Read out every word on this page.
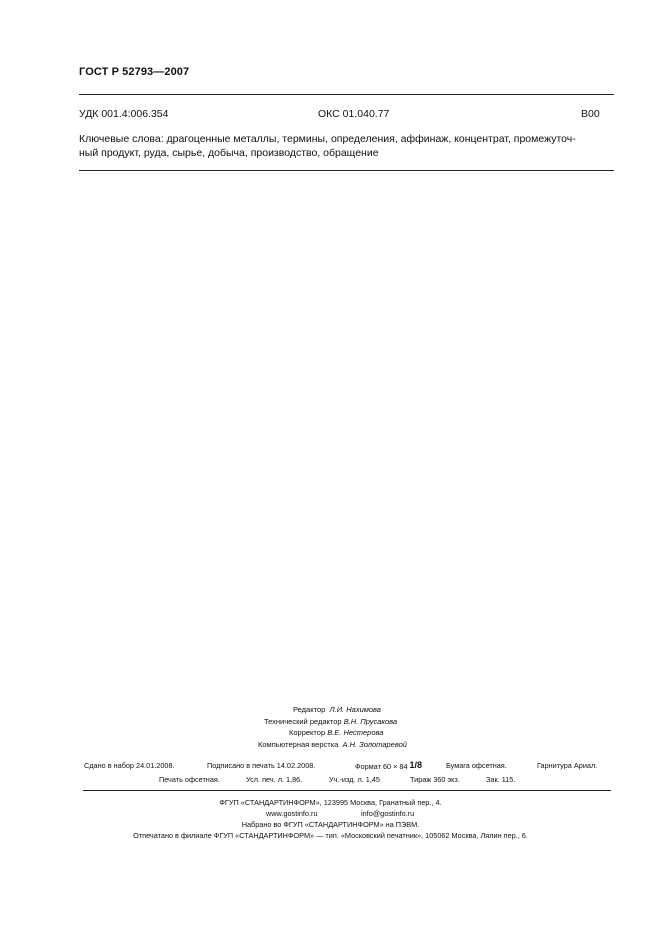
ГОСТ Р 52793—2007
УДК 001.4:006.354	ОКС 01.040.77	В00
Ключевые слова: драгоценные металлы, термины, определения, аффинаж, концентрат, промежуточ-
ный продукт, руда, сырье, добыча, производство, обращение
Редактор Л.И. Нахимова
Технический редактор В.Н. Прусакова
Корректор В.Е. Нестерова
Компьютерная верстка А.Н. Золотаревой
Сдано в набор 24.01.2008.	Подписано в печать 14.02.2008.	Формат 60 × 84 1/8	Бумага офсетная.	Гарнитура Ариал.
Печать офсетная.	Усл. печ. л. 1,86.	Уч.-изд. л. 1,45	Тираж 360 экз.	Зак. 115.
ФГУП «СТАНДАРТИНФОРМ», 123995 Москва, Гранатный пер., 4.
www.gostinfo.ru	info@gostinfo.ru
Набрано во ФГУП «СТАНДАРТИНФОРМ» на ПЭВМ.
Отпечатано в филиале ФГУП «СТАНДАРТИНФОРМ» — тип. «Московский печатник», 105062 Москва, Лялин пер., 6.
